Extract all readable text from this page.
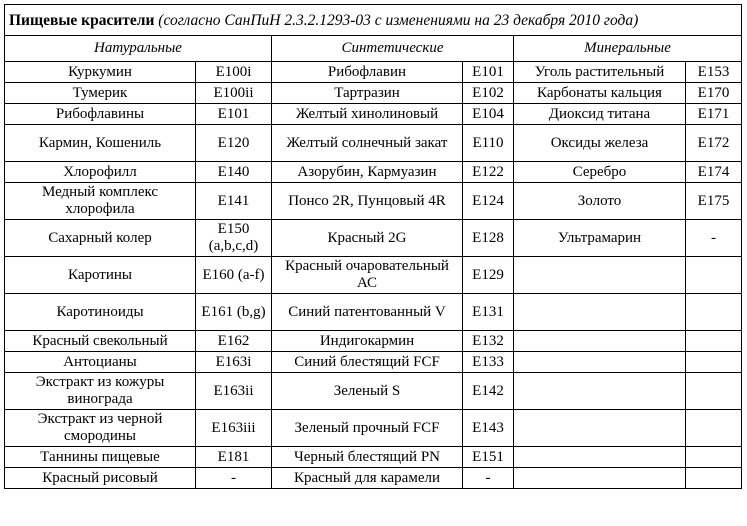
Пищевые красители (согласно СанПиН 2.3.2.1293-03 с изменениями на 23 декабря 2010 года)					
Натуральные		Синтетические		Минеральные	
Куркумин	E100i	Рибофлавин	E101	Уголь растительный	E153
Тумерик	E100ii	Тартразин	E102	Карбонаты кальция	E170
Рибофлавины	E101	Желтый хинолиновый	E104	Диоксид титана	E171
Кармин, Кошениль	E120	Желтый солнечный закат	E110	Оксиды железа	E172
Хлорофилл	E140	Азорубин, Кармуазин	E122	Серебро	E174
Медный комплекс хлорофила	E141	Понсо 2R, Пунцовый 4R	E124	Золото	E175
Сахарный колер	E150 (a,b,c,d)	Красный 2G	E128	Ультрамарин	-
Каротины	E160 (a-f)	Красный очаровательный АС	E129		
Каротиноиды	E161 (b,g)	Синий патентованный V	E131		
Красный свекольный	E162	Индигокармин	E132		
Антоцианы	E163i	Синий блестящий FCF	E133		
Экстракт из кожуры винограда	E163ii	Зеленый S	E142		
Экстракт из черной смородины	E163iii	Зеленый прочный FCF	E143		
Таннины пищевые	E181	Черный блестящий PN	E151		
Красный рисовый	-	Красный для карамели	-		
